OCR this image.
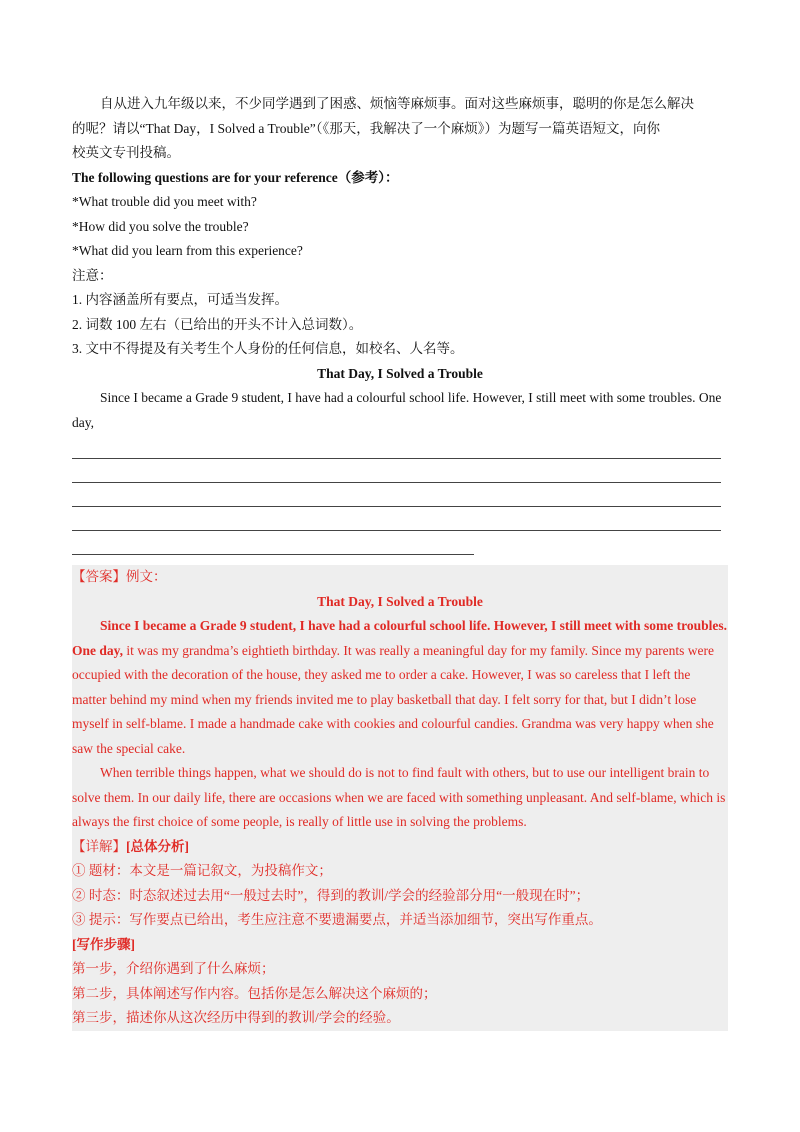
自从进入九年级以来，不少同学遇到了困惑、烦恼等麻烦事。面对这些麻烦事，聪明的你是怎么解决
的呢？请以“That Day，I Solved a Trouble”（《那天，我解决了一个麻烦》）为题写一篇英语短文，向你
校英文专刊投稿。
The following questions are for your reference（参考）：
*What trouble did you meet with?
*How did you solve the trouble?
*What did you learn from this experience?
注意：
1. 内容涵盖所有要点，可适当发挥。
2. 词数 100 左右（已给出的开头不计入总词数）。
3. 文中不得提及有关考生个人身份的任何信息，如校名、人名等。
That Day, I Solved a Trouble

Since I became a Grade 9 student, I have had a colourful school life. However, I still meet with some troubles. One day,

【答案】例文：
That Day, I Solved a Trouble

Since I became a Grade 9 student, I have had a colourful school life. However, I still meet with some troubles. One day, it was my grandma’s eightieth birthday. It was really a meaningful day for my family. Since my parents were occupied with the decoration of the house, they asked me to order a cake. However, I was so careless that I left the matter behind my mind when my friends invited me to play basketball that day. I felt sorry for that, but I didn’t lose myself in self-blame. I made a handmade cake with cookies and colourful candies. Grandma was very happy when she saw the special cake.

When terrible things happen, what we should do is not to find fault with others, but to use our intelligent brain to solve them. In our daily life, there are occasions when we are faced with something unpleasant. And self-blame, which is always the first choice of some people, is really of little use in solving the problems.

【详解】[总体分析]
① 题材：本文是一篇记叙文，为投稿作文；
② 时态：时态叙述过去用“一般过去时”，得到的教训/学会的经验部分用“一般现在时”；
③ 提示：写作要点已给出，考生应注意不要遗漏要点，并适当添加细节，突出写作重点。
[写作步骤]
第一步，介绍你遇到了什么麻烦；
第二步，具体阐述写作内容。包括你是怎么解决这个麻烦的；
第三步，描述你从这次经历中得到的教训/学会的经验。
